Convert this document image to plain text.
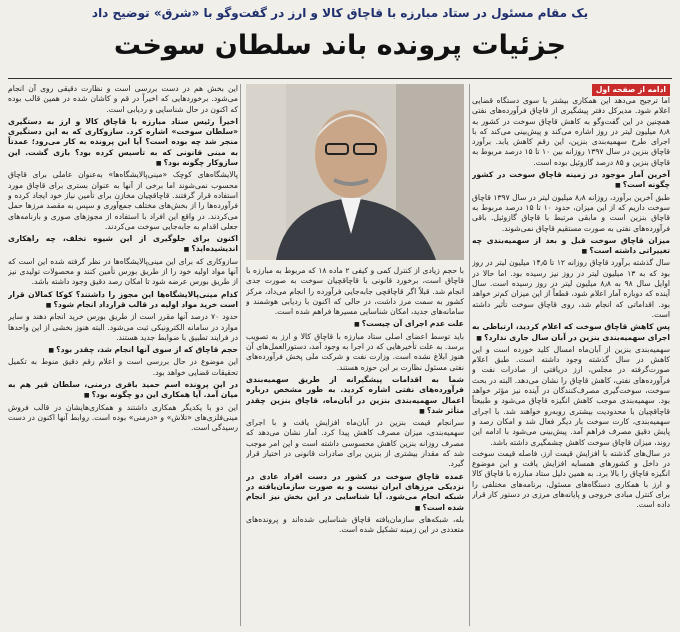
یک مقام مسئول در ستاد مبارزه با قاچاق کالا و ارز در گفت‌وگو با «شرق» توضیح داد
جزئیات پرونده باند سلطان سوخت
ادامه از صفحه اول

اما ترجیح می‌دهد این همکاری بیشتر با سوی دستگاه قضایی اعلام شود. مدیرکل دفتر پیشگیری از قاچاق فرآورده‌های نفتی همچنین در این گفت‌وگو به کاهش قاچاق سوخت در کشور به ۸٫۸ میلیون لیتر در روز اشاره می‌کند و پیش‌بینی می‌کند که با اجرای طرح سهمیه‌بندی بنزین، این رقم کاهش یابد. برآورد قاچاق بنزین در سال ۱۳۹۷ روزانه بین ۱۰ تا ۱۵ درصد مربوط به قاچاق بنزین و ۸۵ درصد گازوئیل بوده است.

آخرین آمار موجود در زمینه قاچاق سوخت در کشور چگونه است؟ ■

طبق آخرین برآورد، روزانه ۸٫۸ میلیون لیتر در سال ۱۳۹۷ قاچاق سوخت داریم که از این میزان، حدود ۱۰ تا ۱۵ درصد مربوط به قاچاق بنزین است و مابقی مرتبط با قاچاق گازوئیل. باقی فرآورده‌های نفتی به صورت مستقیم قاچاق نمی‌شوند.

میزان قاچاق سوخت قبل و بعد از سهمیه‌بندی چه تغییراتی داشته است؟ ■

سال گذشته برآورد قاچاق روزانه ۱۲ تا ۱۴٫۵ میلیون لیتر در روز بود که به ۱۳ میلیون لیتر در روز نیز رسیده بود. اما حالا در اوایل سال ۹۸ به ۸٫۸ میلیون لیتر در روز رسیده است. سال آینده که دوباره آمار اعلام شود، قطعاً از این میزان کم‌تر خواهد بود. اقداماتی که انجام شد، روی قاچاق سوخت تأثیر داشته است.

پس کاهش قاچاق سوخت که اعلام کردید، ارتباطی به اجرای سهمیه‌بندی بنزین در آبان سال جاری ندارد؟ ■

سهمیه‌بندی بنزین از آبان‌ماه امسال کلید خورده است و این کاهش در سال گذشته وجود داشته است. طبق اعلام صورت‌گرفته در مجلس، ارز دریافتی از صادرات نفت و فرآورده‌های نفتی، کاهش قاچاق را نشان می‌دهد. البته در بحث سوخت، سوخت‌گیری مصرف‌کنندگان در آینده نیز مؤثر خواهد بود. سهمیه‌بندی موجب کاهش انگیزه قاچاق می‌شود و طبیعتاً قاچاقچیان با محدودیت بیشتری روبه‌رو خواهند شد. با اجرای سهمیه‌بندی، کارت سوخت بار دیگر فعال شد و امکان رصد و پایش دقیق مصرف فراهم آمد. پیش‌بینی می‌شود با ادامه این روند، میزان قاچاق سوخت کاهش چشمگیری داشته باشد.

در سال‌های گذشته با افزایش قیمت ارز، فاصله قیمت سوخت در داخل و کشورهای همسایه افزایش یافت و این موضوع انگیزه قاچاق را بالا برد. به همین دلیل ستاد مبارزه با قاچاق کالا و ارز با همکاری دستگاه‌های مسئول، برنامه‌های مختلفی را برای کنترل مبادی خروجی و پایانه‌های مرزی در دستور کار قرار داده است.

با حجم زیادی از کنترل کمی و کیفی ۲ ماده ۱۸ که مربوط به مبارزه با قاچاق است، برخورد قانونی با قاچاقچیان سوخت به صورت جدی انجام شد. قبلاً اگر قاچاقچی جابه‌جایی فرآورده را انجام می‌داد، مرکز کشور به سمت مرز داشت، در حالی که اکنون با ردیابی هوشمند و سامانه‌های جدید، امکان شناسایی مسیرها فراهم شده است.

علت عدم اجرای آن چیست؟ ■

باید توسط اعضای اصلی ستاد مبارزه با قاچاق کالا و ارز به تصویب برسد. به علت تأخیرهایی که در اجرا به وجود آمد، دستورالعمل‌های آن هنوز ابلاغ نشده است. وزارت نفت و شرکت ملی پخش فرآورده‌های نفتی مسئول نظارت بر این حوزه هستند.

شما به اقدامات پیشگیرانه از طریق سهمیه‌بندی فرآورده‌های نفتی اشاره کردید. به طور مشخص درباره اعمال سهمیه‌بندی بنزین در آبان‌ماه، قاچاق بنزین چقدر متأثر شد؟ ■

سرانجام قیمت بنزین در آبان‌ماه افزایش یافت و با اجرای سهمیه‌بندی، میزان مصرف کاهش پیدا کرد. آمار نشان می‌دهد که مصرف روزانه بنزین کاهش محسوسی داشته است و این امر موجب شد که مقدار بیشتری از بنزین برای صادرات قانونی در اختیار قرار گیرد.

عمده قاچاق سوخت در کشور در دست افراد عادی در نزدیکی مرزهای ایران نیست و به صورت سازمان‌یافته در شبکه انجام می‌شود. آیا شناسایی در این بخش نیز انجام شده است؟ ■

بله، شبکه‌های سازمان‌یافته قاچاق شناسایی شده‌اند و پرونده‌های متعددی در این زمینه تشکیل شده است.

این بخش هم در دست بررسی است و نظارت دقیقی روی آن انجام می‌شود. برخوردهایی که اخیراً در قم و کاشان شده در همین قالب بوده که اکنون در حال شناسایی و ردیابی است.

اخیراً رئیس ستاد مبارزه با قاچاق کالا و ارز به دستگیری «سلطان سوخت» اشاره کرد. سازوکاری که به این دستگیری منجر شد چه بوده است؟ آیا این پرونده به کار می‌رود؛ عمدتاً به مبنی قانونی که به تأسیس کرده بود؟ بازی گشت. این سازوکار چگونه بود؟ ■

پالایشگاه‌های کوچک «مینی‌پالایشگاه‌ها» به‌عنوان عاملی برای قاچاق محسوب نمی‌شوند اما برخی از آنها به عنوان بستری برای قاچاق مورد استفاده قرار گرفتند. قاچاقچیان مخازن برای تأمین نیاز خود ایجاد کرده و فرآورده‌ها را از بخش‌های مختلف جمع‌آوری و سپس به مقصد مرزها حمل می‌کردند. در واقع این افراد با استفاده از مجوزهای صوری و بارنامه‌های جعلی اقدام به جابه‌جایی سوخت می‌کردند.

اکنون برای جلوگیری از این شیوه تخلف، چه راهکاری اندیشیده‌اید؟ ■

سازوکاری که برای این مینی‌پالایشگاه‌ها در نظر گرفته شده این است که آنها مواد اولیه خود را از طریق بورس تأمین کنند و محصولات تولیدی نیز از طریق بورس عرضه شود تا امکان رصد دقیق وجود داشته باشد.

کدام مینی‌پالایشگاه‌ها این مجوز را داشتند؟ کوکا کمالان قرار است خرید مواد اولیه در قالب قرارداد انجام شود؟ ■

حدود ۷۰ درصد آنها مقرر است از طریق بورس خرید انجام دهند و سایر موارد در سامانه الکترونیکی ثبت می‌شود. البته هنوز بخشی از این واحدها در فرایند تطبیق با ضوابط جدید هستند.

حجم قاچاق که از سوی آنها انجام شد، چقدر بود؟ ■

این موضوع در حال بررسی است و اعلام رقم دقیق منوط به تکمیل تحقیقات قضایی خواهد بود.

در این پرونده اسم حمید باقری درمنی، سلطان قیر هم به میان آمد. آیا همکاری این دو چگونه بود؟ ■

این دو با یکدیگر همکاری داشتند و همکاری‌هایشان در قالب فروش مینی‌فلزی‌های «تلاش» و «درمنی» بوده است. روابط آنها اکنون در دست رسیدگی است.
